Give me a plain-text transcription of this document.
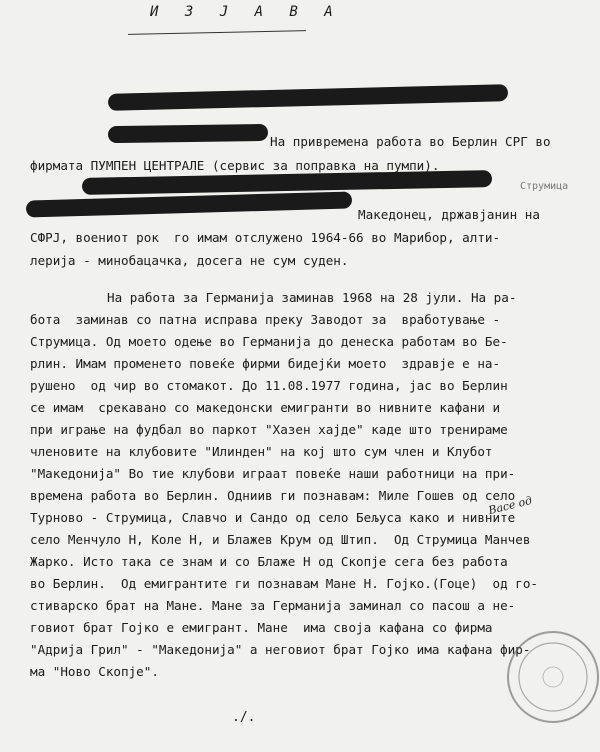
И З Ј А В А
На привремена работа во Берлин СРГ во
фирмата ПУМПЕН ЦЕНТРАЛЕ (сервис за поправка на пумпи).
Струмица
Македонец, државјанин на
СФРЈ, воениот рок  го имам отслужено 1964-66 во Марибор, алти-
лерија - минобацачка, досега не сум суден.
На работа за Германија заминав 1968 на 28 јули. На ра-
бота  заминав со патна исправа преку Заводот за  вработување -
Струмица. Од моето одење во Германија до денеска работам во Бе-
рлин. Имам променето повеќе фирми бидејќи моето  здравје е на-
рушено  од чир во стомакот. До 11.08.1977 година, јас во Берлин
се имам  срекавано со македонски емигранти во нивните кафани и
при играње на фудбал во паркот "Хазен хајде" каде што тренираме
членовите на клубовите "Илинден" на кој што сум член и Клубот
"Македонија" Во тие клубови играат повеќе наши работници на при-
времена работа во Берлин. Одниив ги познавам: Миле Гошев од село
Турново - Струмица, Славчо и Сандо од село Бељуса како и нивните
село Менчуло Н, Коле Н, и Блажев Крум од Штип.  Од Струмица Манчев
Жарко. Исто така се знам и со Блаже Н од Скопје сега без работа
во Берлин.  Од емигрантите ги познавам Мане Н. Гојко.(Гоце)  од го-
стиварско брат на Мане. Мане за Германија заминал со пасош а не-
говиот брат Гојко е емигрант. Мане  има своја кафана со фирма
"Адрија Грил" - "Македонија" а неговиот брат Гојко има кафана фир-
ма "Ново Скопје".
Васе од
./.
